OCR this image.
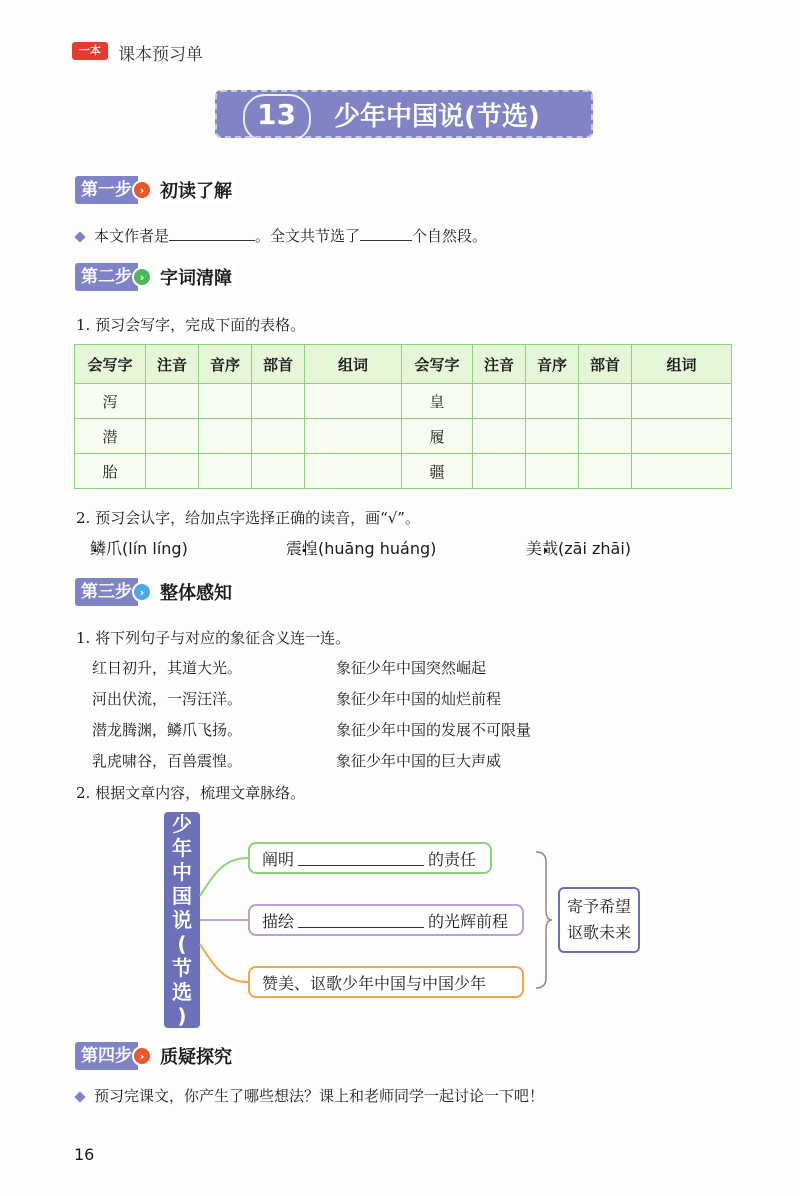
一本	课本预习单
13 少年中国说(节选)
第一步 › 初读了解
本文作者是	。全文共节选了	个自然段。
第二步 › 字词清障
1. 预习会写字，完成下面的表格。
会写字	注音	音序	部首	组词	会写字	注音	音序	部首	组词
泻					皇				
潜					履				
胎					疆				
2. 预习会认字，给加点字选择正确的读音，画“√”。
鳞爪(lín líng)	震惶(huāng huáng)	美哉(zāi zhāi)
第三步 › 整体感知
1. 将下列句子与对应的象征含义连一连。
红日初升，其道大光。
河出伏流，一泻汪洋。
潜龙腾渊，鳞爪飞扬。
乳虎啸谷，百兽震惶。
象征少年中国突然崛起
象征少年中国的灿烂前程
象征少年中国的发展不可限量
象征少年中国的巨大声威
2. 根据文章内容，梳理文章脉络。
少
年
中
国
说
(
节
选
)
阐明	的责任
描绘	的光辉前程
赞美、讴歌少年中国与中国少年
寄予希望
讴歌未来
第四步 › 质疑探究
预习完课文，你产生了哪些想法？课上和老师同学一起讨论一下吧！
16
